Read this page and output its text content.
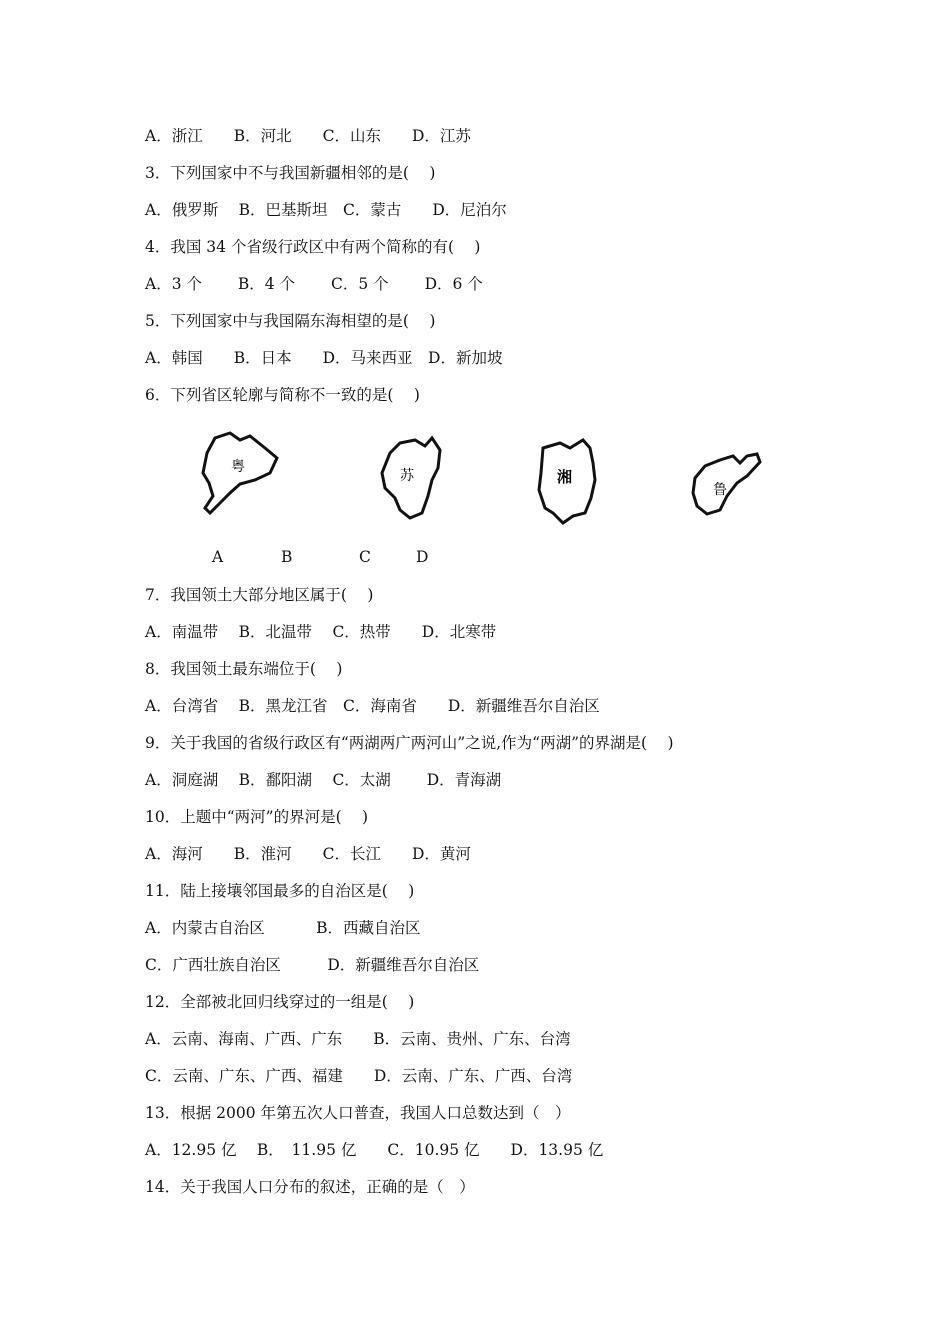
A．浙江　　B．河北　　C．山东　　D．江苏
3．下列国家中不与我国新疆相邻的是(　 )
A．俄罗斯　 B．巴基斯坦　C．蒙古　　D．尼泊尔
4．我国 34 个省级行政区中有两个简称的有(　 )
A．3 个　　 B．4 个　　 C．5 个　　 D．6 个
5．下列国家中与我国隔东海相望的是(　 )
A．韩国　　B．日本　　D．马来西亚　D．新加坡
6．下列省区轮廓与简称不一致的是(　 )
粤
苏	湘
鲁
A	B	C	D
7．我国领土大部分地区属于(　 )
A．南温带　 B．北温带　 C．热带　　D．北寒带
8．我国领土最东端位于(　 )
A．台湾省　 B．黑龙江省　C．海南省　　D．新疆维吾尔自治区
9．关于我国的省级行政区有“两湖两广两河山”之说,作为“两湖”的界湖是(　 )
A．洞庭湖　 B．鄱阳湖　 C．太湖　　 D．青海湖
10．上题中“两河”的界河是(　 )
A．海河　　B．淮河　　C．长江　　D．黄河
11．陆上接壤邻国最多的自治区是(　 )
A．内蒙古自治区　　　 B．西藏自治区
C．广西壮族自治区　　　D．新疆维吾尔自治区
12．全部被北回归线穿过的一组是(　 )
A．云南、海南、广西、广东　　B．云南、贵州、广东、台湾
C．云南、广东、广西、福建　　D．云南、广东、广西、台湾
13．根据 2000 年第五次人口普查，我国人口总数达到（　）
A．12.95 亿　 B．　11.95 亿　　C．10.95 亿　　D．13.95 亿
14．关于我国人口分布的叙述，正确的是（　）
